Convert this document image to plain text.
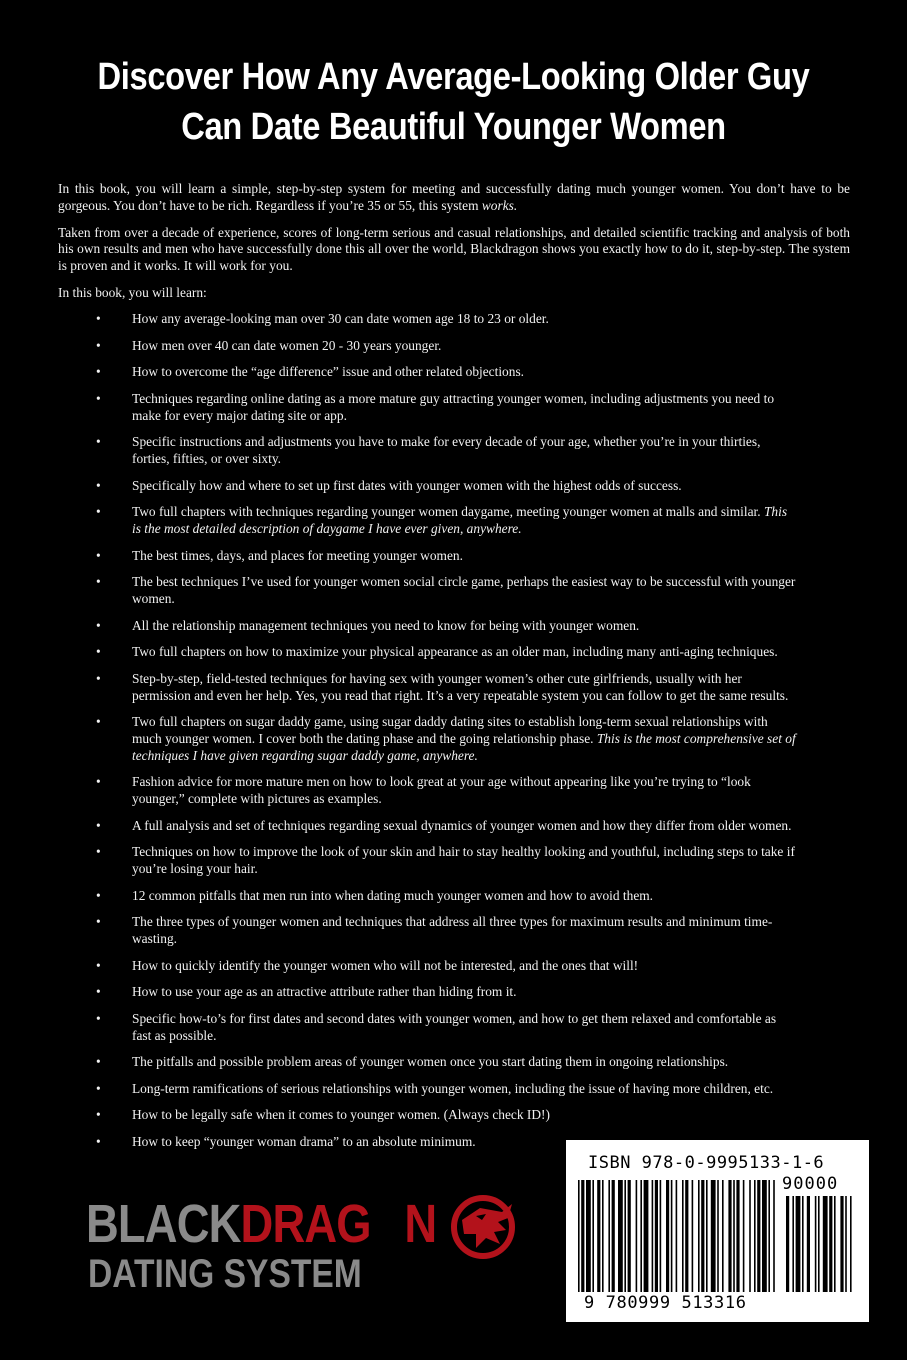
Discover How Any Average-Looking Older Guy
Can Date Beautiful Younger Women

In this book, you will learn a simple, step-by-step system for meeting and successfully dating much younger women. You don’t have to be gorgeous. You don’t have to be rich. Regardless if you’re 35 or 55, this system works.

Taken from over a decade of experience, scores of long-term serious and casual relationships, and detailed scientific tracking and analysis of both his own results and men who have successfully done this all over the world, Blackdragon shows you exactly how to do it, step-by-step. The system is proven and it works. It will work for you.

In this book, you will learn:

• How any average-looking man over 30 can date women age 18 to 23 or older.
• How men over 40 can date women 20 - 30 years younger.
• How to overcome the “age difference” issue and other related objections.
• Techniques regarding online dating as a more mature guy attracting younger women, including adjustments you need to make for every major dating site or app.
• Specific instructions and adjustments you have to make for every decade of your age, whether you’re in your thirties, forties, fifties, or over sixty.
• Specifically how and where to set up first dates with younger women with the highest odds of success.
• Two full chapters with techniques regarding younger women daygame, meeting younger women at malls and similar. This is the most detailed description of daygame I have ever given, anywhere.
• The best times, days, and places for meeting younger women.
• The best techniques I’ve used for younger women social circle game, perhaps the easiest way to be successful with younger women.
• All the relationship management techniques you need to know for being with younger women.
• Two full chapters on how to maximize your physical appearance as an older man, including many anti-aging techniques.
• Step-by-step, field-tested techniques for having sex with younger women’s other cute girlfriends, usually with her permission and even her help. Yes, you read that right. It’s a very repeatable system you can follow to get the same results.
• Two full chapters on sugar daddy game, using sugar daddy dating sites to establish long-term sexual relationships with much younger women. I cover both the dating phase and the going relationship phase. This is the most comprehensive set of techniques I have given regarding sugar daddy game, anywhere.
• Fashion advice for more mature men on how to look great at your age without appearing like you’re trying to “look younger,” complete with pictures as examples.
• A full analysis and set of techniques regarding sexual dynamics of younger women and how they differ from older women.
• Techniques on how to improve the look of your skin and hair to stay healthy looking and youthful, including steps to take if you’re losing your hair.
• 12 common pitfalls that men run into when dating much younger women and how to avoid them.
• The three types of younger women and techniques that address all three types for maximum results and minimum time-wasting.
• How to quickly identify the younger women who will not be interested, and the ones that will!
• How to use your age as an attractive attribute rather than hiding from it.
• Specific how-to’s for first dates and second dates with younger women, and how to get them relaxed and comfortable as fast as possible.
• The pitfalls and possible problem areas of younger women once you start dating them in ongoing relationships.
• Long-term ramifications of serious relationships with younger women, including the issue of having more children, etc.
• How to be legally safe when it comes to younger women. (Always check ID!)
• How to keep “younger woman drama” to an absolute minimum.
BLACKDRAG N
DATING SYSTEM
ISBN 978-0-9995133-1-6
90000
9 780999 513316
